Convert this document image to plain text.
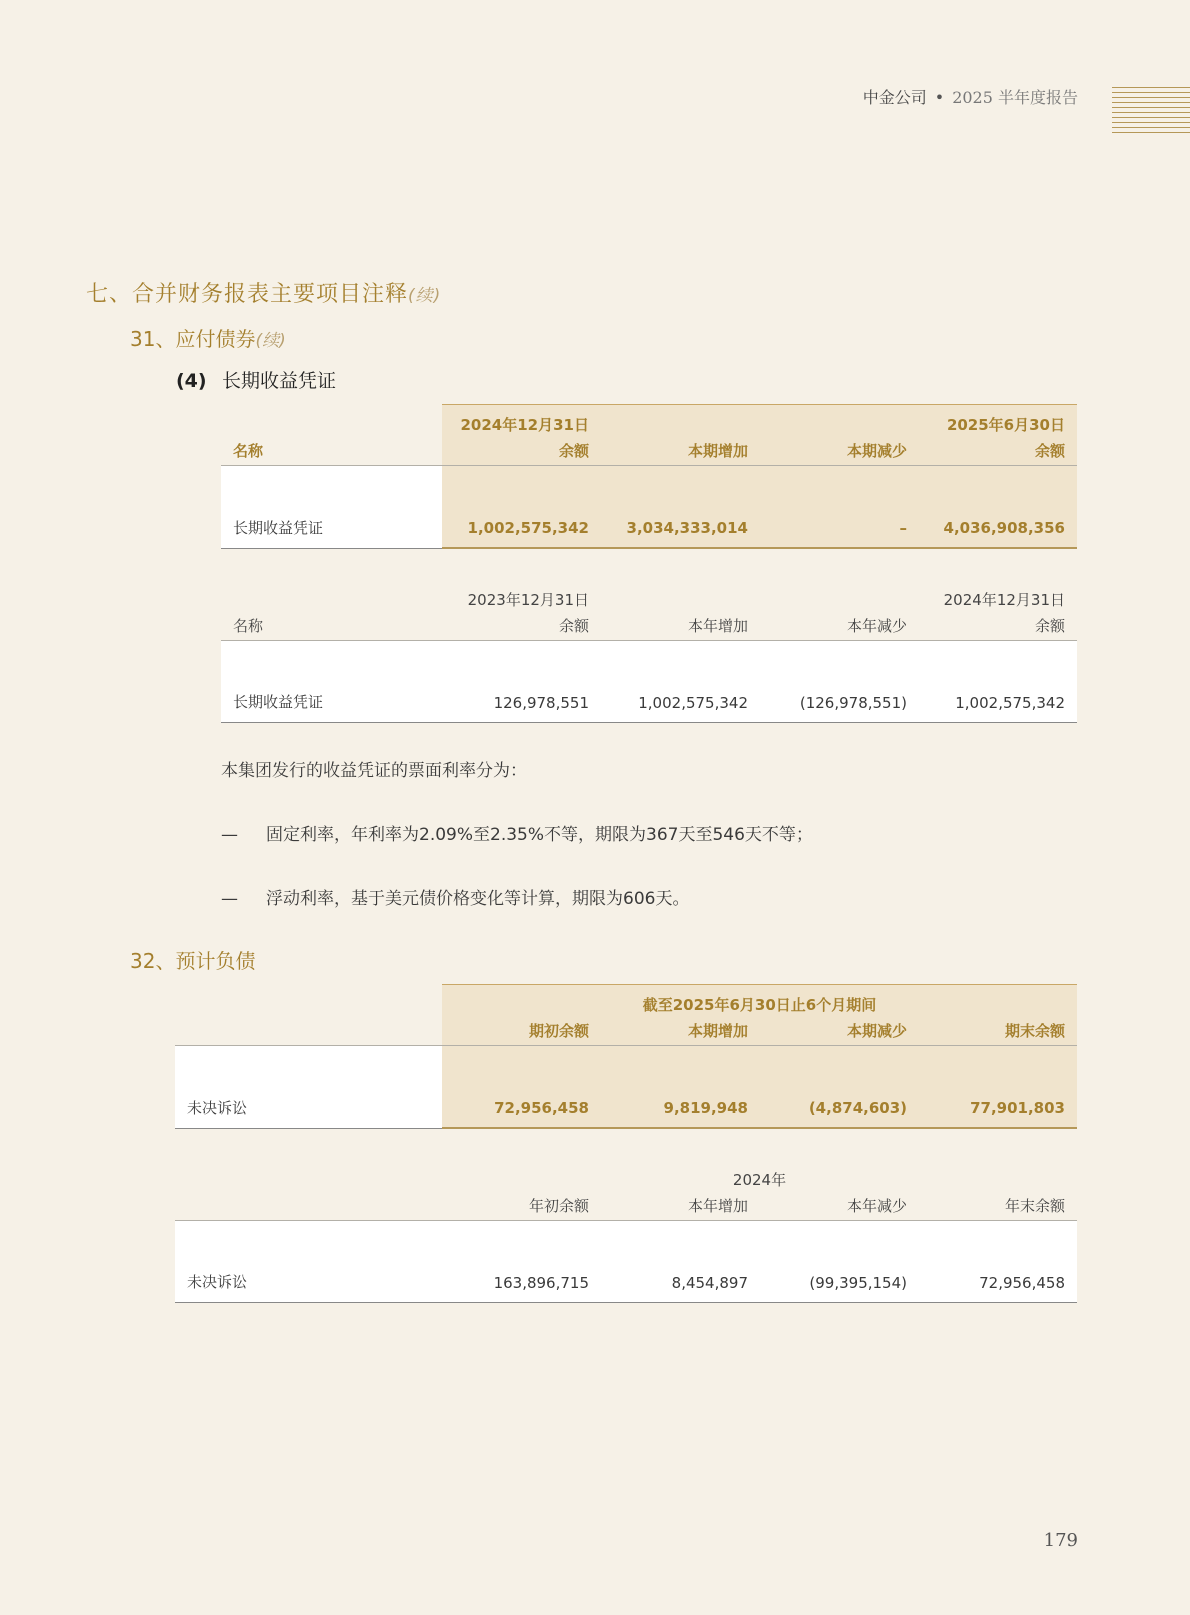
中金公司 • 2025 半年度报告
七、合并财务报表主要项目注释(续)
31、应付债券(续)
(4) 长期收益凭证
	2024年12月31日			2025年6月30日
名称	余额	本期增加	本期减少	余额
长期收益凭证	1,002,575,342	3,034,333,014	–	4,036,908,356
	2023年12月31日			2024年12月31日
名称	余额	本年增加	本年减少	余额
长期收益凭证	126,978,551	1,002,575,342	(126,978,551)	1,002,575,342
本集团发行的收益凭证的票面利率分为：
— 固定利率，年利率为2.09%至2.35%不等，期限为367天至546天不等；
— 浮动利率，基于美元债价格变化等计算，期限为606天。
32、预计负债
	截至2025年6月30日止6个月期间			
	期初余额	本期增加	本期减少	期末余额
未决诉讼	72,956,458	9,819,948	(4,874,603)	77,901,803
	2024年			
	年初余额	本年增加	本年减少	年末余额
未决诉讼	163,896,715	8,454,897	(99,395,154)	72,956,458
179
